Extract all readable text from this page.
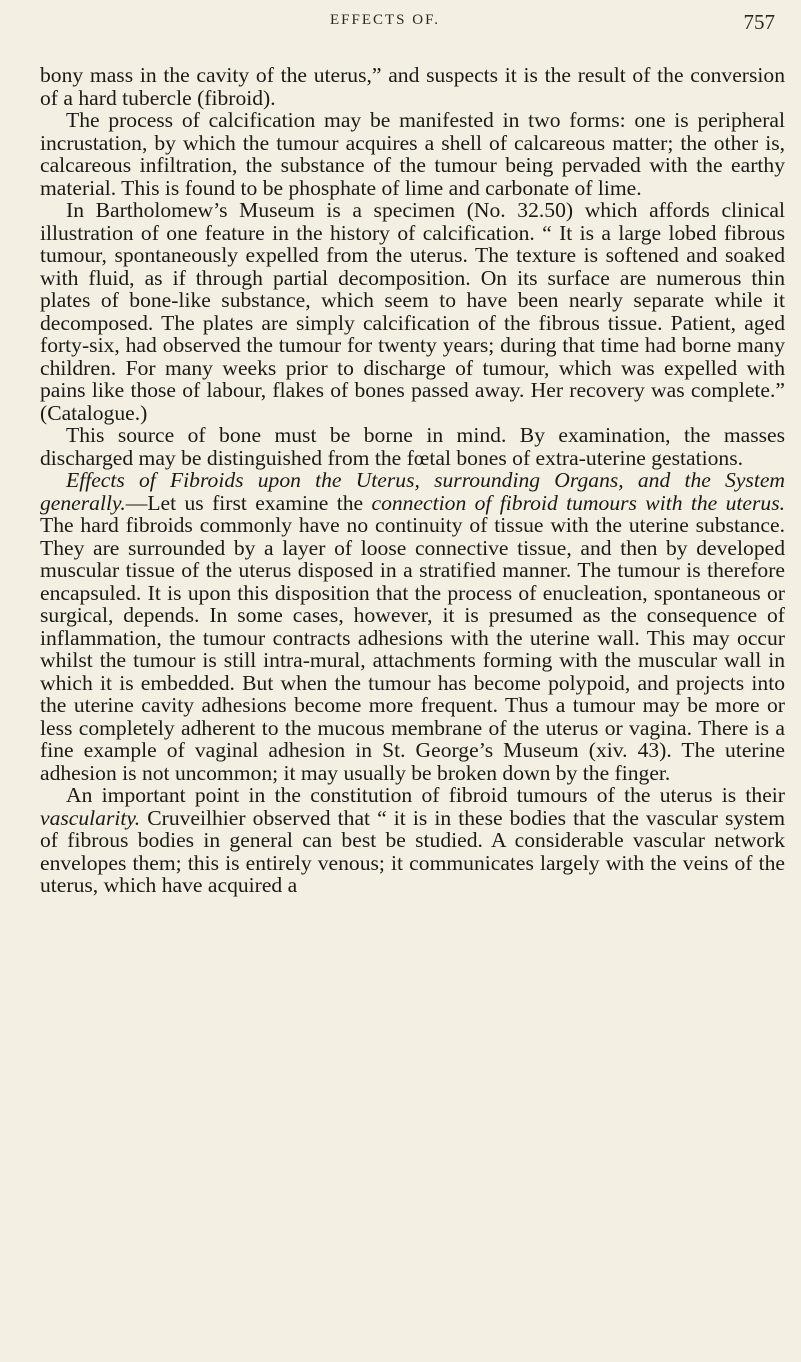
EFFECTS OF.	757

bony mass in the cavity of the uterus,” and suspects it is the result of the conversion of a hard tubercle (fibroid).

The process of calcification may be manifested in two forms: one is peripheral incrustation, by which the tumour acquires a shell of calcareous matter; the other is, calcareous infiltration, the substance of the tumour being pervaded with the earthy material. This is found to be phosphate of lime and carbonate of lime.

In Bartholomew’s Museum is a specimen (No. 32.50) which affords clinical illustration of one feature in the history of calcification. “ It is a large lobed fibrous tumour, spontaneously expelled from the uterus. The texture is softened and soaked with fluid, as if through partial decomposition. On its surface are numerous thin plates of bone-like substance, which seem to have been nearly separate while it decomposed. The plates are simply calcification of the fibrous tissue. Patient, aged forty-six, had observed the tumour for twenty years; during that time had borne many children. For many weeks prior to discharge of tumour, which was expelled with pains like those of labour, flakes of bones passed away. Her recovery was complete.” (Catalogue.)

This source of bone must be borne in mind. By examination, the masses discharged may be distinguished from the fœtal bones of extra-uterine gestations.

Effects of Fibroids upon the Uterus, surrounding Organs, and the System generally.—Let us first examine the connection of fibroid tumours with the uterus. The hard fibroids commonly have no continuity of tissue with the uterine substance. They are surrounded by a layer of loose connective tissue, and then by developed muscular tissue of the uterus disposed in a stratified manner. The tumour is therefore encapsuled. It is upon this disposition that the process of enucleation, spontaneous or surgical, depends. In some cases, however, it is presumed as the consequence of inflammation, the tumour contracts adhesions with the uterine wall. This may occur whilst the tumour is still intra-mural, attachments forming with the muscular wall in which it is embedded. But when the tumour has become polypoid, and projects into the uterine cavity adhesions become more frequent. Thus a tumour may be more or less completely adherent to the mucous membrane of the uterus or vagina. There is a fine example of vaginal adhesion in St. George’s Museum (xiv. 43). The uterine adhesion is not uncommon; it may usually be broken down by the finger.

An important point in the constitution of fibroid tumours of the uterus is their vascularity. Cruveilhier observed that “ it is in these bodies that the vascular system of fibrous bodies in general can best be studied. A considerable vascular network envelopes them; this is entirely venous; it communicates largely with the veins of the uterus, which have acquired a
